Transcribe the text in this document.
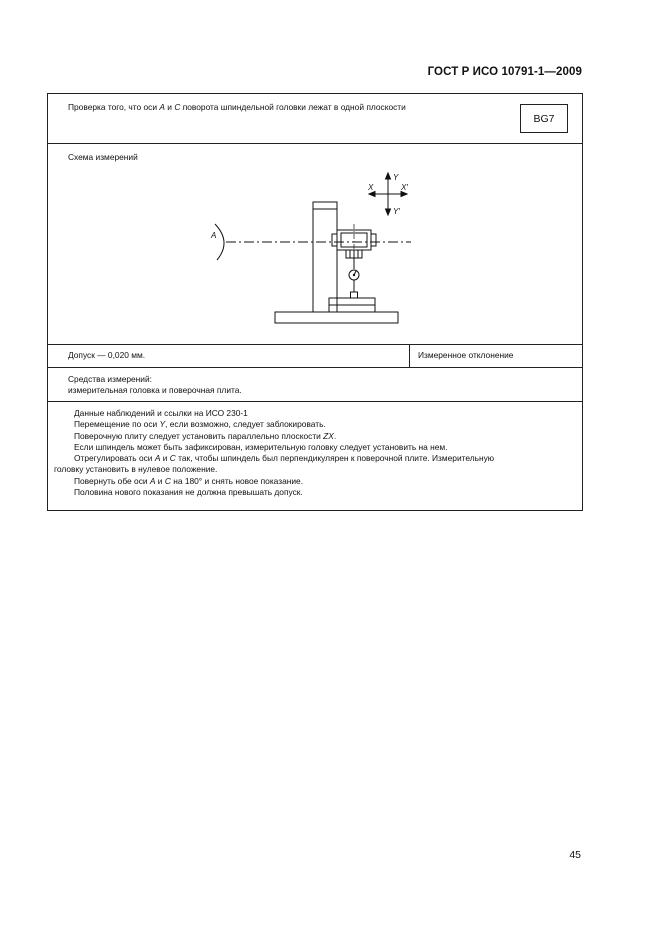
ГОСТ Р ИСО 10791-1—2009
Проверка того, что оси A и C поворота шпиндельной головки лежат в одной плоскости
BG7
Схема измерений
A
Допуск — 0,020 мм.	Измеренное отклонение
Средства измерений:
измерительная головка и поверочная плита.

Данные наблюдений и ссылки на ИСО 230-1

Перемещение по оси Y, если возможно, следует заблокировать.

Поверочную плиту следует установить параллельно плоскости ZX.

Если шпиндель может быть зафиксирован, измерительную головку следует установить на нем.

Отрегулировать оси A и C так, чтобы шпиндель был перпендикулярен к поверочной плите. Измерительную

головку установить в нулевое положение.

Повернуть обе оси A и C на 180° и снять новое показание.

Половина нового показания не должна превышать допуск.

45
Y
Y′
X	X′
